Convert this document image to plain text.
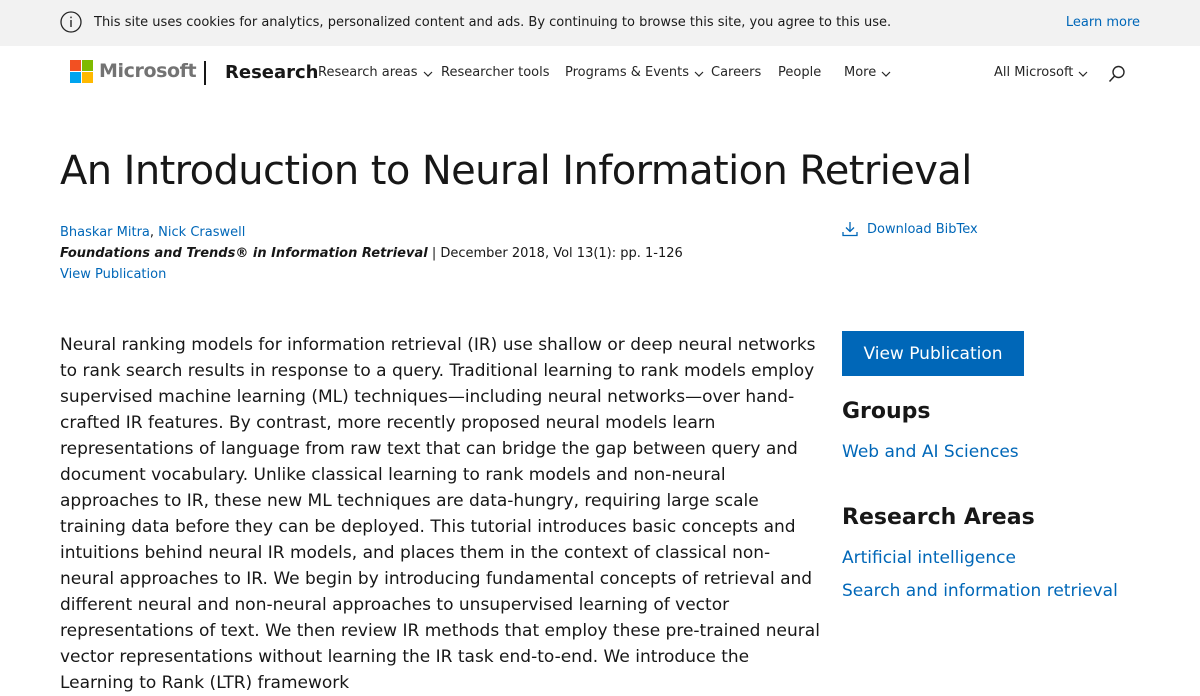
This site uses cookies for analytics, personalized content and ads. By continuing to browse this site, you agree to this use.	Learn more
Microsoft Research Research areas Researcher tools Programs & Events Careers People More	All Microsoft
An Introduction to Neural Information Retrieval
Bhaskar Mitra, Nick Craswell
Foundations and Trends® in Information Retrieval | December 2018, Vol 13(1): pp. 1-126
View Publication
Download BibTex

Neural ranking models for information retrieval (IR) use shallow or deep neural networks to rank search results in response to a query. Traditional learning to rank models employ supervised machine learning (ML) techniques—including neural networks—over hand-crafted IR features. By contrast, more recently proposed neural models learn representations of language from raw text that can bridge the gap between query and document vocabulary. Unlike classical learning to rank models and non-neural approaches to IR, these new ML techniques are data-hungry, requiring large scale training data before they can be deployed. This tutorial introduces basic concepts and intuitions behind neural IR models, and places them in the context of classical non-neural approaches to IR. We begin by introducing fundamental concepts of retrieval and different neural and non-neural approaches to unsupervised learning of vector representations of text. We then review IR methods that employ these pre-trained neural vector representations without learning the IR task end-to-end. We introduce the Learning to Rank (LTR) framework

View Publication
Groups
Web and AI Sciences
Research Areas
Artificial intelligence
Search and information retrieval
